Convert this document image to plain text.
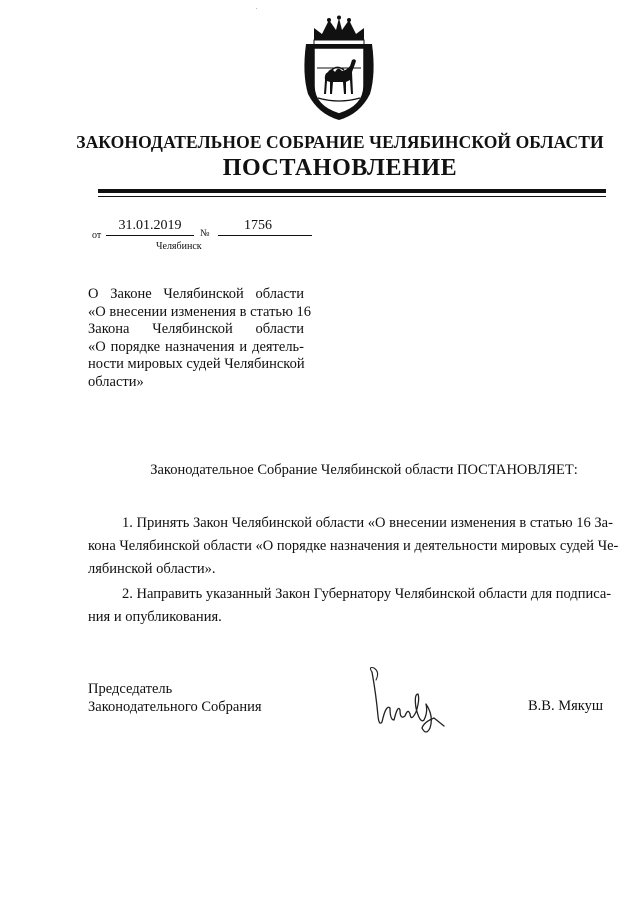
ЗАКОНОДАТЕЛЬНОЕ СОБРАНИЕ ЧЕЛЯБИНСКОЙ ОБЛАСТИ
ПОСТАНОВЛЕНИЕ
от
31.01.2019
№
1756
Челябинск
О Законе Челябинской области
«О внесении изменения в статью 16
Закона Челябинской области
«О порядке назначения и деятель-
ности мировых судей Челябинской
области»
Законодательное Собрание Челябинской области ПОСТАНОВЛЯЕТ:
1. Принять Закон Челябинской области «О внесении изменения в статью 16 За-
кона Челябинской области «О порядке назначения и деятельности мировых судей Че-
лябинской области».
2. Направить указанный Закон Губернатору Челябинской области для подписа-
ния и опубликования.
Председатель
Законодательного Собрания	В.В. Мякуш
